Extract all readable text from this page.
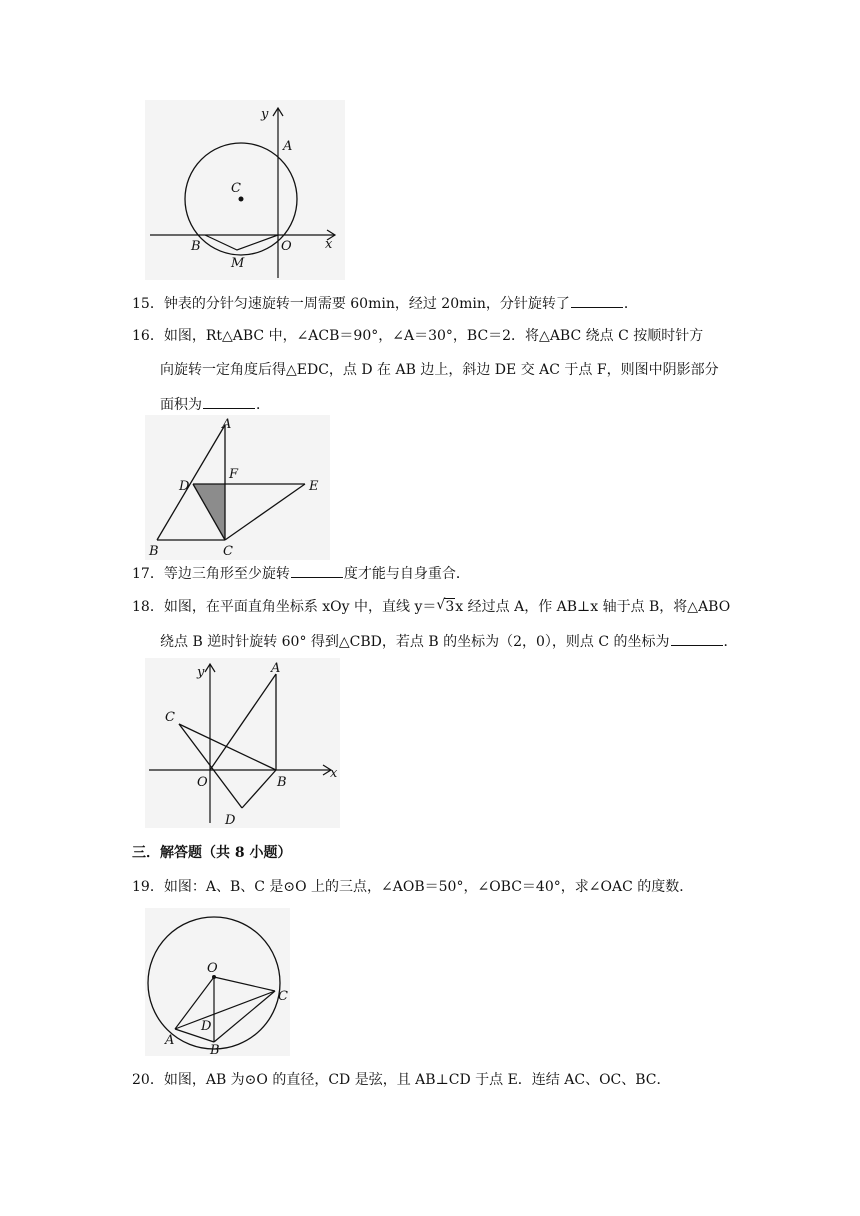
y
x
A
C
B	O
M
15．钟表的分针匀速旋转一周需要 60min，经过 20min，分针旋转了	．
16．如图，Rt△ABC 中，∠ACB＝90°，∠A＝30°，BC＝2．将△ABC 绕点 C 按顺时针方
向旋转一定角度后得△EDC，点 D 在 AB 边上，斜边 DE 交 AC 于点 F，则图中阴影部分
面积为	．
A
D
F
E
B	C
17．等边三角形至少旋转	度才能与自身重合．
18．如图，在平面直角坐标系 xOy 中，直线 y＝ √ 3x 经过点 A，作 AB⊥x 轴于点 B，将△ABO
绕点 B 逆时针旋转 60° 得到△CBD，若点 B 的坐标为（2，0），则点 C 的坐标为	．
y	A
C
O	B
x
D
三．解答题（共 8 小题）
19．如图：A、B、C 是⊙O 上的三点，∠AOB＝50°，∠OBC＝40°，求∠OAC 的度数．
O
C
D
A
B
20．如图，AB 为⊙O 的直径，CD 是弦，且 AB⊥CD 于点 E．连结 AC、OC、BC．
